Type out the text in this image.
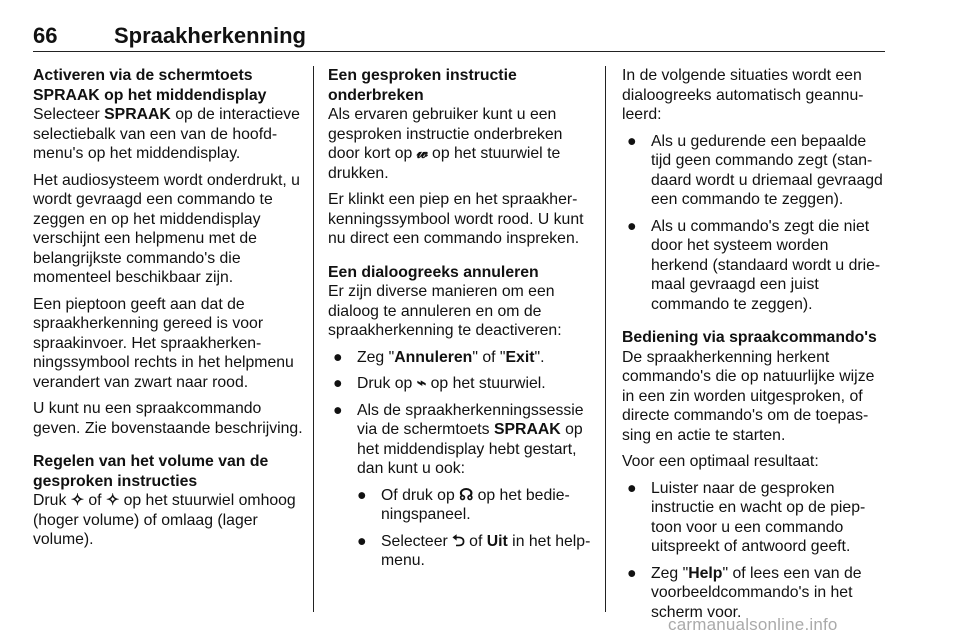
66	Spraakherkenning
Activeren via de schermtoets
SPRAAK op het middendisplay

Selecteer SPRAAK op de interactieve selectiebalk van een van de hoofdmenu's op het middendisplay.

Het audiosysteem wordt onderdrukt, u wordt gevraagd een commando te zeggen en op het middendisplay verschijnt een helpmenu met de belangrijkste commando's die momenteel beschikbaar zijn.

Een pieptoon geeft aan dat de spraakherkenning gereed is voor spraakinvoer. Het spraakherkenningssymbool rechts in het helpmenu verandert van zwart naar rood.

U kunt nu een spraakcommando geven. Zie bovenstaande beschrijving.

Regelen van het volume van de
gesproken instructies

Druk ✧ of ✧ op het stuurwiel omhoog (hoger volume) of omlaag (lager volume).

Een gesproken instructie
onderbreken

Als ervaren gebruiker kunt u een gesproken instructie onderbreken door kort op 𝓌 op het stuurwiel te drukken.

Er klinkt een piep en het spraakherkenningssymbool wordt rood. U kunt nu direct een commando inspreken.

Een dialoogreeks annuleren

Er zijn diverse manieren om een dialoog te annuleren en om de spraakherkenning te deactiveren:

● Zeg "Annuleren" of "Exit".
● Druk op ⌁ op het stuurwiel.
● Als de spraakherkenningssessie via de schermtoets SPRAAK op het middendisplay hebt gestart, dan kunt u ook:
● Of druk op ☊ op het bedieningspaneel.
● Selecteer ⮌ of Uit in het help-menu.

In de volgende situaties wordt een dialoogreeks automatisch geannuleerd:

● Als u gedurende een bepaalde tijd geen commando zegt (standaard wordt u driemaal gevraagd een commando te zeggen).
● Als u commando's zegt die niet door het systeem worden herkend (standaard wordt u driemaal gevraagd een juist commando te zeggen).
Bediening via spraakcommando's

De spraakherkenning herkent commando's die op natuurlijke wijze in een zin worden uitgesproken, of directe commando's om de toepassing en actie te starten.

Voor een optimaal resultaat:

● Luister naar de gesproken instructie en wacht op de pieptoon voor u een commando uitspreekt of antwoord geeft.
● Zeg "Help" of lees een van de voorbeeldcommando's in het scherm voor.
carmanualsonline.info
